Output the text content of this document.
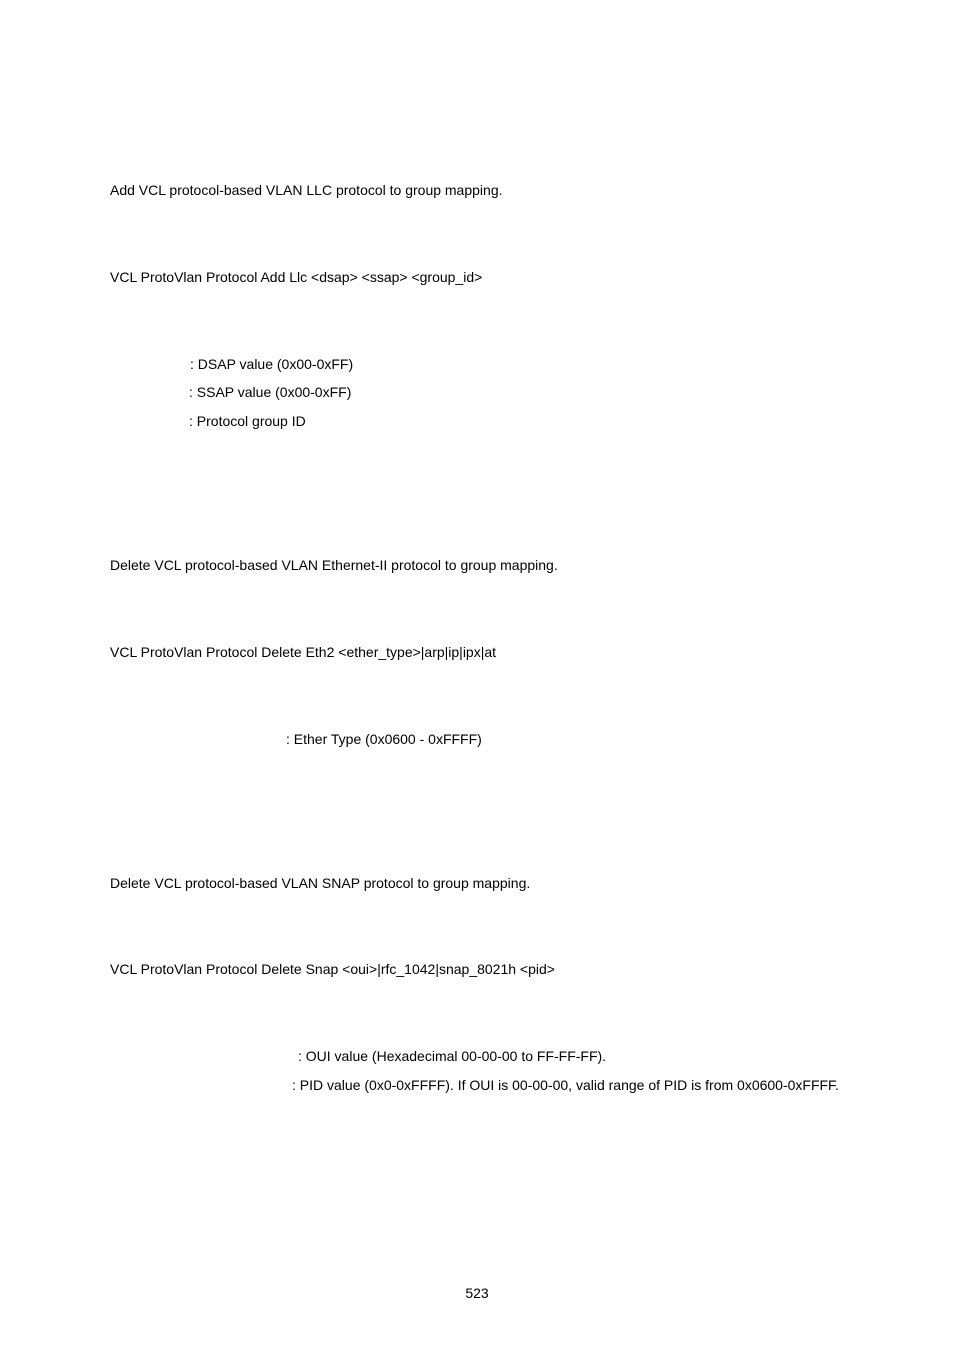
Add VCL protocol-based VLAN LLC protocol to group mapping.
VCL ProtoVlan Protocol Add Llc <dsap> <ssap> <group_id>
: DSAP value (0x00-0xFF)
: SSAP value (0x00-0xFF)
: Protocol group ID
Delete VCL protocol-based VLAN Ethernet-II protocol to group mapping.
VCL ProtoVlan Protocol Delete Eth2 <ether_type>|arp|ip|ipx|at
: Ether Type (0x0600 - 0xFFFF)
Delete VCL protocol-based VLAN SNAP protocol to group mapping.
VCL ProtoVlan Protocol Delete Snap <oui>|rfc_1042|snap_8021h <pid>
: OUI value (Hexadecimal 00-00-00 to FF-FF-FF).
: PID value (0x0-0xFFFF). If OUI is 00-00-00, valid range of PID is from 0x0600-0xFFFF.
523
